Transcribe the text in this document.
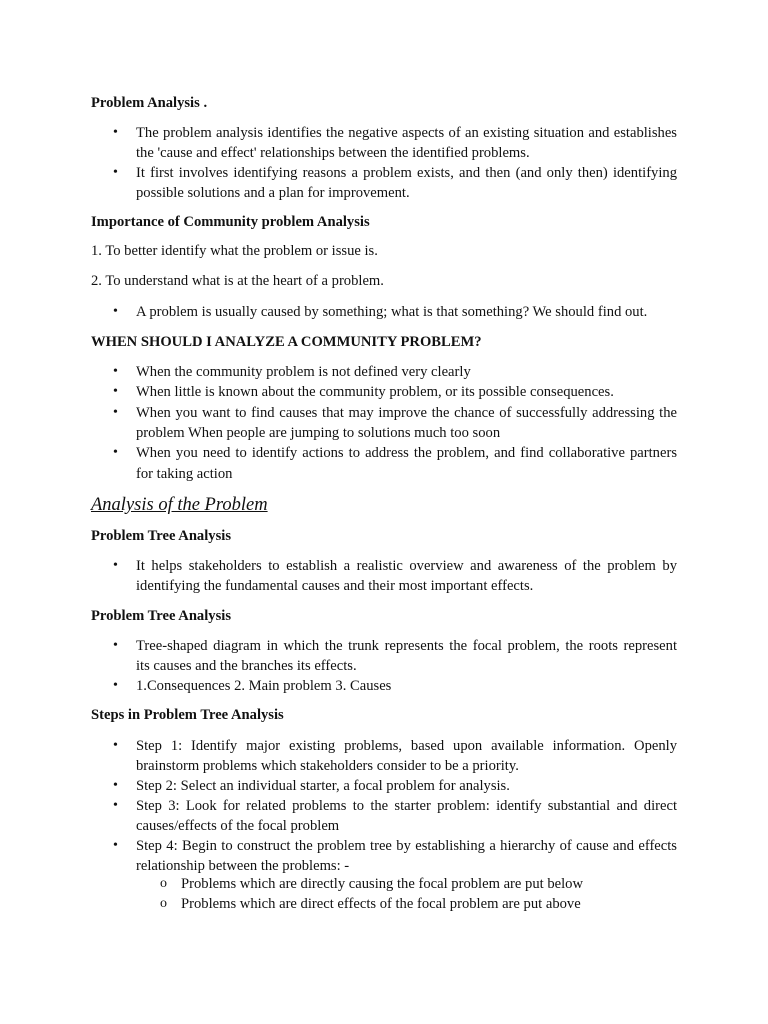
Problem Analysis .
• The problem analysis identifies the negative aspects of an existing situation and establishes
the 'cause and effect' relationships between the identified problems.
• It first involves identifying reasons a problem exists, and then (and only then) identifying
possible solutions and a plan for improvement.
Importance of Community problem Analysis
1. To better identify what the problem or issue is.
2. To understand what is at the heart of a problem.
• A problem is usually caused by something; what is that something? We should find out.
WHEN SHOULD I ANALYZE A COMMUNITY PROBLEM?
• When the community problem is not defined very clearly
• When little is known about the community problem, or its possible consequences.
• When you want to find causes that may improve the chance of successfully addressing the
problem When people are jumping to solutions much too soon
• When you need to identify actions to address the problem, and find collaborative partners
for taking action
Analysis of the Problem
Problem Tree Analysis
• It helps stakeholders to establish a realistic overview and awareness of the problem by
identifying the fundamental causes and their most important effects.
Problem Tree Analysis
• Tree-shaped diagram in which the trunk represents the focal problem, the roots represent
its causes and the branches its effects.
• 1.Consequences 2. Main problem 3. Causes
Steps in Problem Tree Analysis
• Step 1: Identify major existing problems, based upon available information. Openly
brainstorm problems which stakeholders consider to be a priority.
• Step 2: Select an individual starter, a focal problem for analysis.
• Step 3: Look for related problems to the starter problem: identify substantial and direct
causes/effects of the focal problem
• Step 4: Begin to construct the problem tree by establishing a hierarchy of cause and effects
relationship between the problems: -
o Problems which are directly causing the focal problem are put below
o Problems which are direct effects of the focal problem are put above
